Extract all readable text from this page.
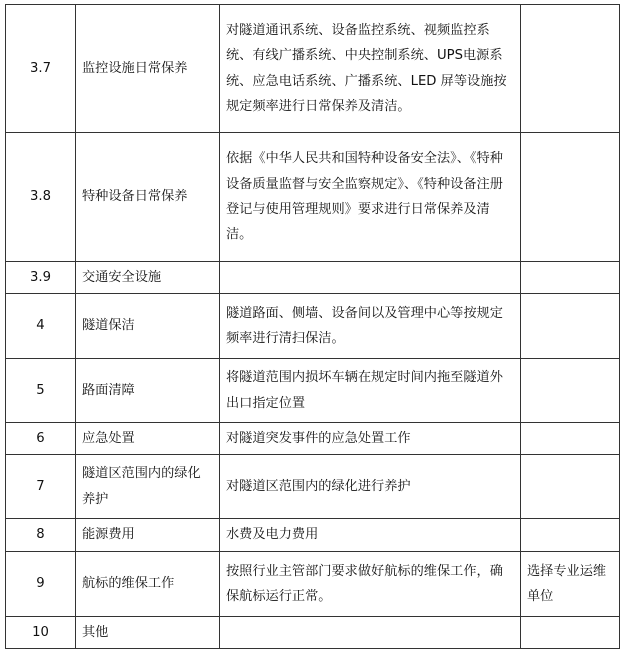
3.7	监控设施日常保养	对隧道通讯系统、设备监控系统、视频监控系统、有线广播系统、中央控制系统、UPS电源系统、应急电话系统、广播系统、LED 屏等设施按规定频率进行日常保养及清洁。	
3.8	特种设备日常保养	依据《中华人民共和国特种设备安全法》、《特种设备质量监督与安全监察规定》、《特种设备注册登记与使用管理规则》要求进行日常保养及清洁。	
3.9	交通安全设施		
4	隧道保洁	隧道路面、侧墙、设备间以及管理中心等按规定频率进行清扫保洁。	
5	路面清障	将隧道范围内损坏车辆在规定时间内拖至隧道外出口指定位置	
6	应急处置	对隧道突发事件的应急处置工作	
7	隧道区范围内的绿化养护	对隧道区范围内的绿化进行养护	
8	能源费用	水费及电力费用	
9	航标的维保工作	按照行业主管部门要求做好航标的维保工作，确保航标运行正常。	选择专业运维单位
10	其他		
